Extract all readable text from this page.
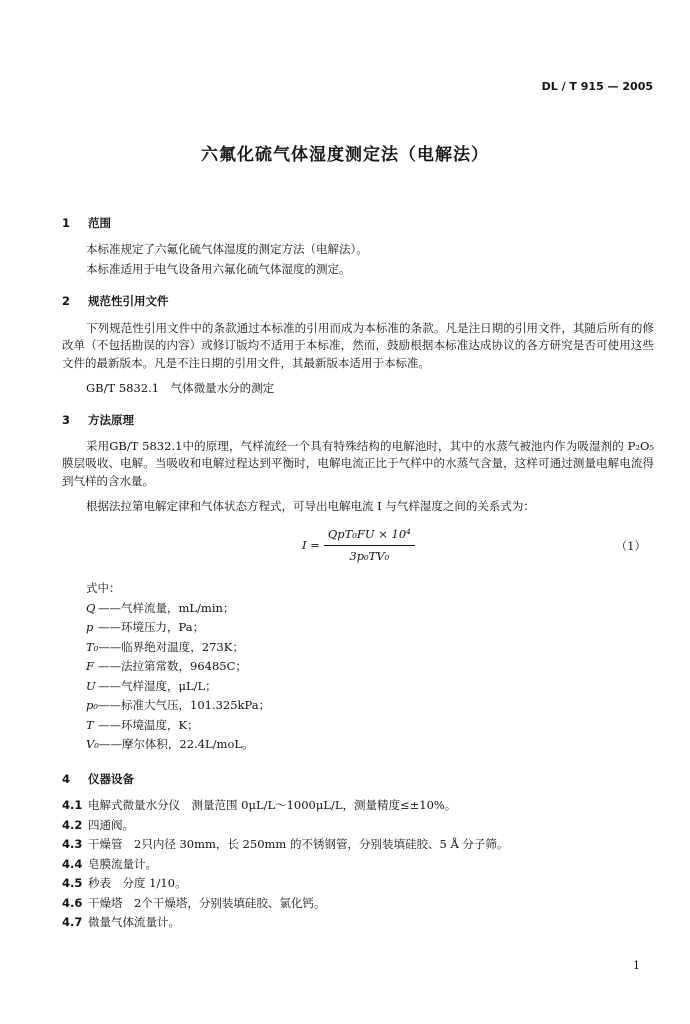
DL / T 915 — 2005
六氟化硫气体湿度测定法（电解法）
1 范围
本标准规定了六氟化硫气体湿度的测定方法（电解法）。
本标准适用于电气设备用六氟化硫气体湿度的测定。
2 规范性引用文件
下列规范性引用文件中的条款通过本标准的引用而成为本标准的条款。凡是注日期的引用文件，其随后所有的修改单（不包括勘误的内容）或修订版均不适用于本标准，然而，鼓励根据本标准达成协议的各方研究是否可使用这些文件的最新版本。凡是不注日期的引用文件，其最新版本适用于本标准。
GB/T 5832.1　气体微量水分的测定
3 方法原理
采用GB/T 5832.1中的原理，气样流经一个具有特殊结构的电解池时，其中的水蒸气被池内作为吸湿剂的 P₂O₅ 膜层吸收、电解。当吸收和电解过程达到平衡时，电解电流正比于气样中的水蒸气含量，这样可通过测量电解电流得到气样的含水量。
根据法拉第电解定律和气体状态方程式，可导出电解电流 I 与气样湿度之间的关系式为：
$I = \frac{\text{QpT₀FU × 10⁴}}{\text{3p₀TV₀}}$	（1）
式中：
Q ——气样流量，mL/min；
p ——环境压力，Pa；
T₀——临界绝对温度，273K；
F ——法拉第常数，96485C；
U ——气样湿度，μL/L；
p₀——标准大气压，101.325kPa；
T ——环境温度，K；
V₀——摩尔体积，22.4L/moL。
4 仪器设备
4.1 电解式微量水分仪　测量范围 0μL/L～1000μL/L，测量精度≤±10%。
4.2 四通阀。
4.3 干燥管　2只内径 30mm，长 250mm 的不锈钢管，分别装填硅胶、5 Å 分子筛。
4.4 皂膜流量计。
4.5 秒表　分度 1/10。
4.6 干燥塔　2个干燥塔，分别装填硅胶、氯化钙。
4.7 微量气体流量计。
1
